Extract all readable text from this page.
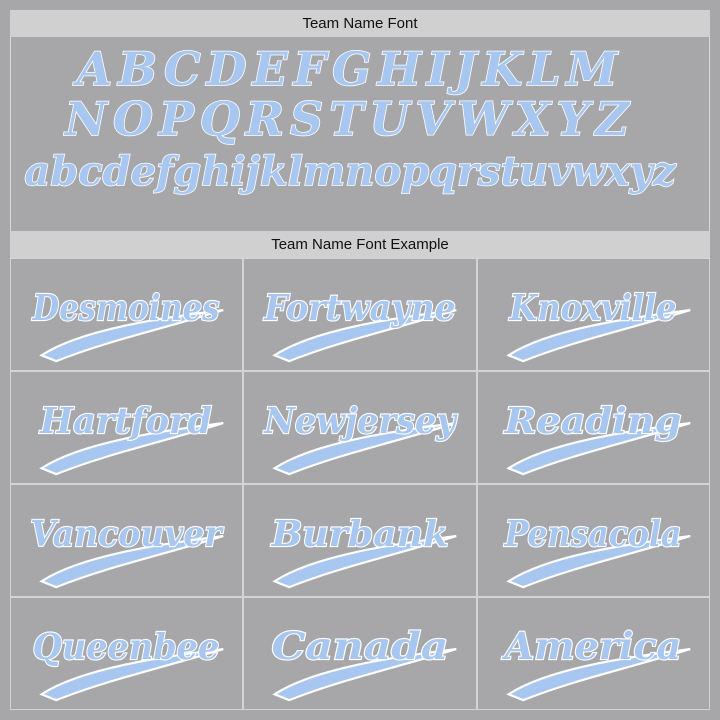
Team Name Font
ABCDEFGHIJKLM
NOPQRSTUVWXYZ
abcdefghijklmnopqrstuvwxyz
Team Name Font Example
Desmoines Fortwayne Knoxville
Hartford Newjersey Reading
Vancouver Burbank Pensacola
Queenbee Canada America
